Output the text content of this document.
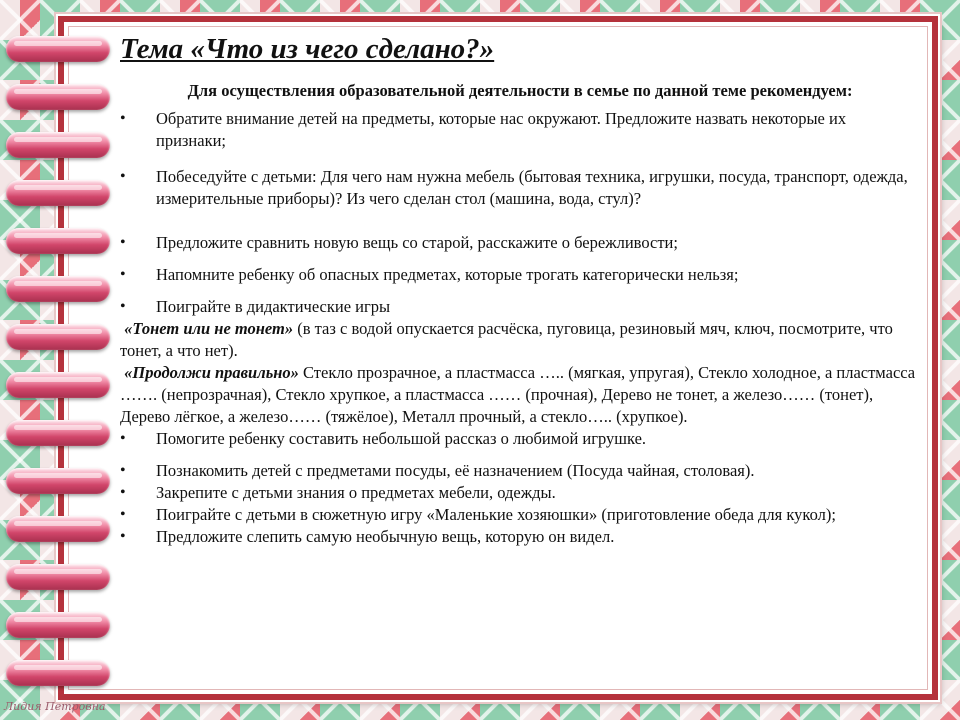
Тема «Что из чего сделано?»
Для осуществления образовательной деятельности в семье по данной теме рекомендуем:

• Обратите внимание детей на предметы, которые нас окружают. Предложите назвать некоторые их признаки;

• Побеседуйте с детьми: Для чего нам нужна мебель (бытовая техника, игрушки, посуда, транспорт, одежда, измерительные приборы)? Из чего сделан стол (машина, вода, стул)?

• Предложите сравнить новую вещь со старой, расскажите о бережливости;

• Напомните ребенку об опасных предметах, которые трогать категорически нельзя;

• Поиграйте в дидактические игры

«Тонет или не тонет» (в таз с водой опускается расчёска, пуговица, резиновый мяч, ключ, посмотрите, что тонет, а что нет).

«Продолжи правильно» Стекло прозрачное, а пластмасса ….. (мягкая, упругая), Стекло холодное, а пластмасса ……. (непрозрачная), Стекло хрупкое, а пластмасса …… (прочная), Дерево не тонет, а железо…… (тонет), Дерево лёгкое, а железо…… (тяжёлое), Металл прочный, а стекло….. (хрупкое).

• Помогите ребенку составить небольшой рассказ о любимой игрушке.

• Познакомить детей с предметами посуды, её назначением (Посуда чайная, столовая).

• Закрепите с детьми знания о предметах мебели, одежды.

• Поиграйте с детьми в сюжетную игру «Маленькие хозяюшки» (приготовление обеда для кукол);

• Предложите слепить самую необычную вещь, которую он видел.

Лидия Петровна
